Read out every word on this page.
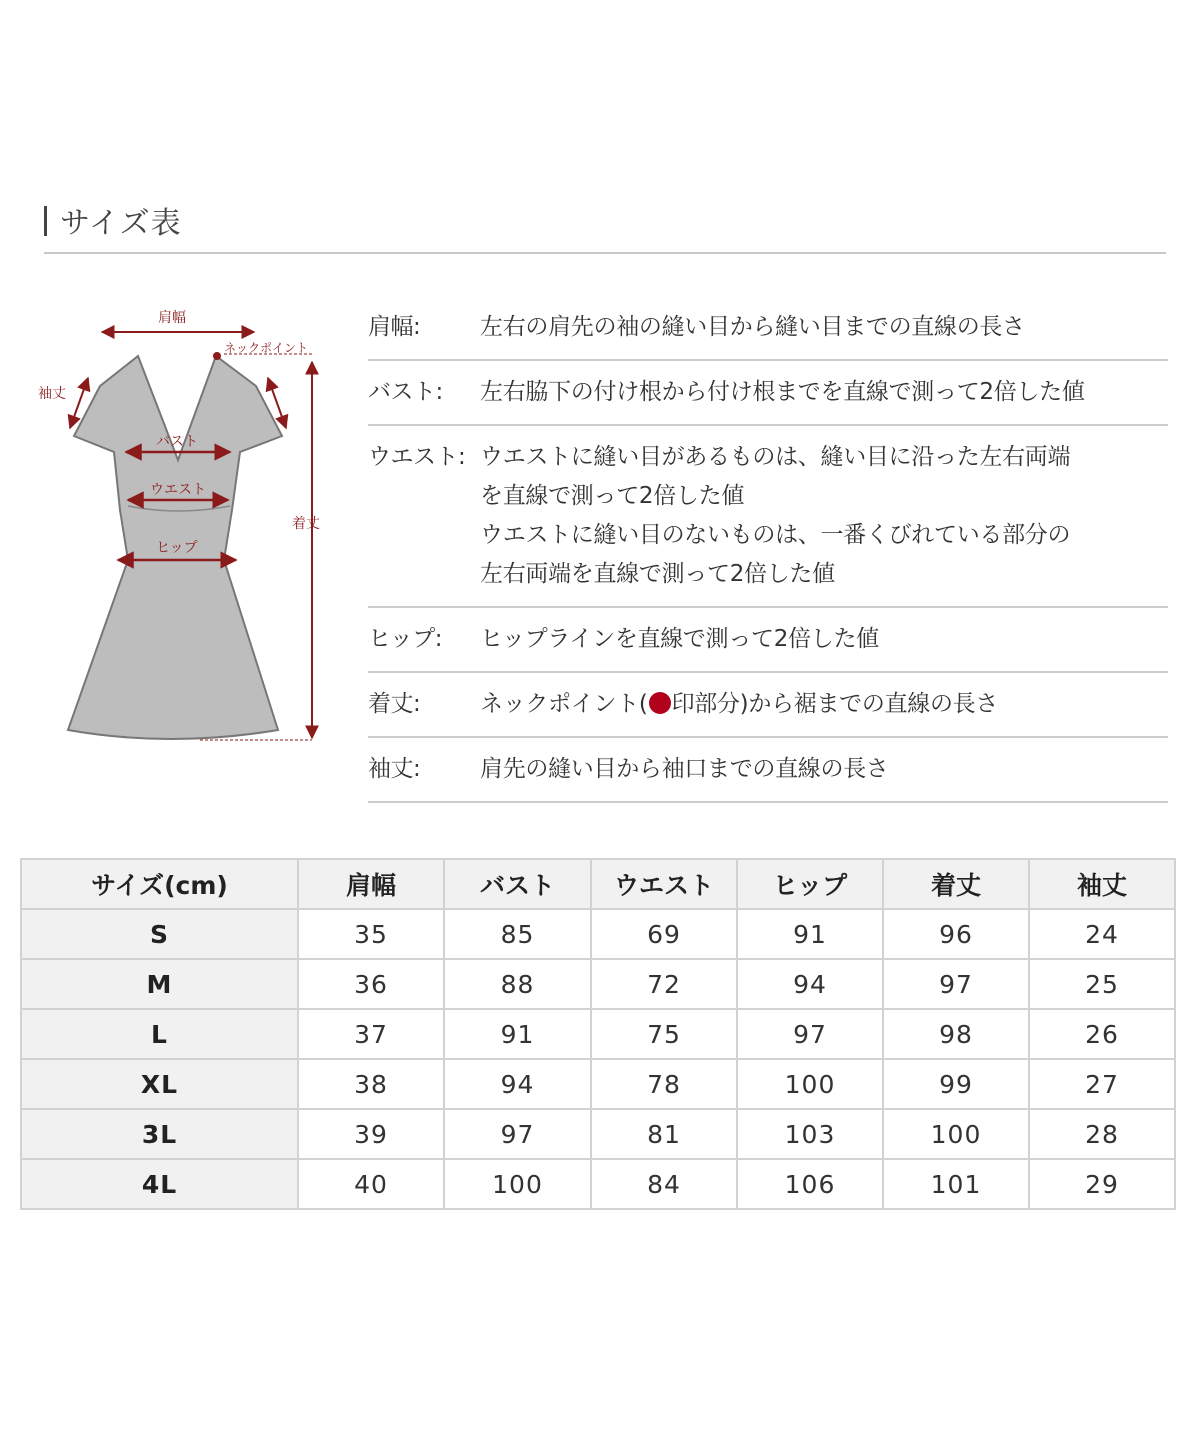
サイズ表
肩幅
ネックポイント
袖丈
バスト
ウエスト
ヒップ
着丈
肩幅:	左右の肩先の袖の縫い目から縫い目までの直線の長さ
バスト:	左右脇下の付け根から付け根までを直線で測って2倍した値
ウエスト: ウエストに縫い目があるものは、縫い目に沿った左右両端
を直線で測って2倍した値
ウエストに縫い目のないものは、一番くびれている部分の
左右両端を直線で測って2倍した値
ヒップ:	ヒップラインを直線で測って2倍した値
着丈:	ネックポイント( 印部分)から裾までの直線の長さ
袖丈:	肩先の縫い目から袖口までの直線の長さ
サイズ(cm)	肩幅	バスト	ウエスト	ヒップ	着丈	袖丈
S	35	85	69	91	96	24
M	36	88	72	94	97	25
L	37	91	75	97	98	26
XL	38	94	78	100	99	27
3L	39	97	81	103	100	28
4L	40	100	84	106	101	29
